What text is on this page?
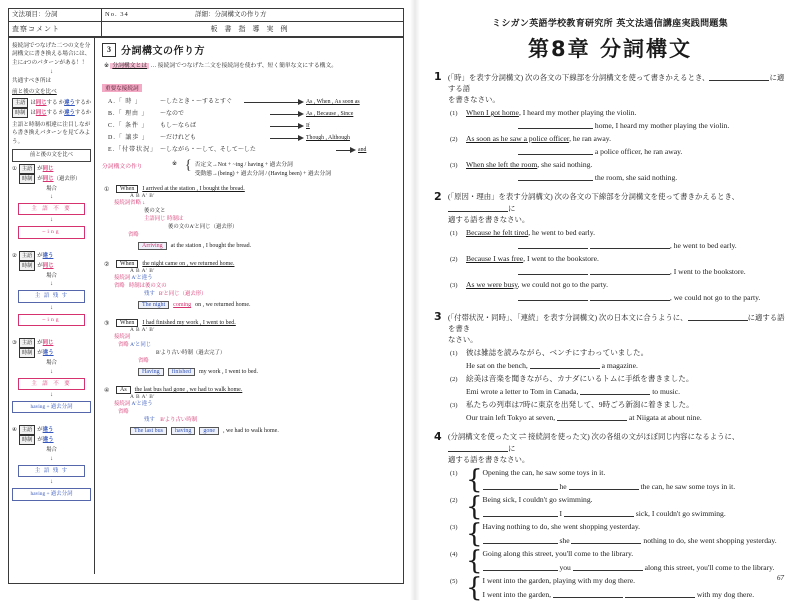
文法項目：分詞	No. 34	詳細：分詞構文の作り方
査察コメント	板書指導実例

接続詞でつなげた二つの文を分詞構文に書き換える場合には、主に4つのパターンがある！！

↓

共通すべき所は

前と後の文を比べ

主語 は同じする か違うするか
時制 は同じする か違うするか

主語と時制の相違に注目しながら書き換えパターンを見てみよう。

前と後の文を比べ
① 主語 が同じ
時制 が同じ（過去形）
場合
↓
主 語 不 要
↓
~ing
② 主語 が違う
時制 が同じ
場合
↓
主 語 残 す
↓
~ing
③ 主語 が同じ
時制 が違う
場合
↓
主 語 不 要
↓
having + 過去分詞
④ 主語 が違う
時制 が違う
場合
↓
主 語 残 す
↓
having + 過去分詞
3	分詞構文の作り方
※ 分詞構文とは … 接続詞でつなげた二文を接続詞を使わず、短く簡単な文にする構文。
重要な接続詞
A.「 時 」	〜したとき・〜するとすぐ	As , When , As soon as
B.「 理由 」	〜なので	As , Because , Since
C.「 条件 」	もし〜ならば	If
D.「 譲歩 」	〜だけれども	Though , Although
E.「付帯状況」 〜しながら・〜して、そして〜した	and
分詞構文の作り	※ { 否定文→Not + ~ing / having + 過去分詞
受動態→(being) + 過去分詞 / (Having been) + 過去分詞
①	When	I arrived at the station , I bought the bread.
A B A' B'
接続詞省略 ↓
後の文と
主語同じ 時制は
後の文のA'と同じ（過去形）
省略
Arriving	at the station , I bought the bread.
②	When	the night came on , we returned home.
A B A' B'
接続詞 A'と違う
省略 時制は後の文の
残す B'と同じ（過去形）
The night	coming on , we returned home.
③	When	I had finished my work , I went to bed.
A B A' B'
接続詞
省略 A'と同じ
B'より古い時制（過去完了）
省略
Having	finished	my work , I went to bed.
④	As	the last bus had gone , we had to walk home.
A B A' B'
接続詞 A'と違う
省略
残す B'より古い時制
The last bus	having	gone	, we had to walk home.
ミシガン英語学校教育研究所 英文法通信講座実践問題集
第8章 分詞構文
1 (「時」を表す分詞構文) 次の各文の下線部を分詞構文を使って書きかえるとき、	に適する語
を書きなさい。
(1)	When I got home, I heard my mother playing the violin.
home, I heard my mother playing the violin.
(2)	As soon as he saw a police officer, he ran away.
a police officer, he ran away.
(3)	When she left the room, she said nothing.
the room, she said nothing.
2 (「原因・理由」を表す分詞構文) 次の各文の下線部を分詞構文を使って書きかえるとき、に
適する語を書きなさい。
(1)	Because he felt tired, he went to bed early.
, he went to bed early.
(2)	Because I was free, I went to the bookstore.
, I went to the bookstore.
(3)	As we were busy, we could not go to the party.
, we could not go to the party.
3 (「付帯状況・同時」、「連続」を表す分詞構文) 次の日本文に合うように、	に適する語を書き
なさい。
(1)	彼は雑誌を読みながら、ベンチにすわっていました。
He sat on the bench,	a magazine.
(2)	絵美は音楽を聞きながら、カナダにいるトムに手紙を書きました。
Emi wrote a letter to Tom in Canada,	to music.
(3)	私たちの列車は7時に東京を出発して、9時ごろ新潟に着きました。
Our train left Tokyo at seven,	at Niigata at about nine.
4 (分詞構文を使った文 ⇌ 接続詞を使った文) 次の各組の文がほぼ同じ内容になるように、に
適する語を書きなさい。
(1) { Opening the can, he saw some toys in it.
he	the can, he saw some toys in it.
(2) { Being sick, I couldn't go swimming.
I	sick, I couldn't go swimming.
(3) { Having nothing to do, she went shopping yesterday.
she	nothing to do, she went shopping yesterday.
(4) { Going along this street, you'll come to the library.
you	along this street, you'll come to the library.
(5) { I went into the garden, playing with my dog there.
I went into the garden,	with my dog there.
67
